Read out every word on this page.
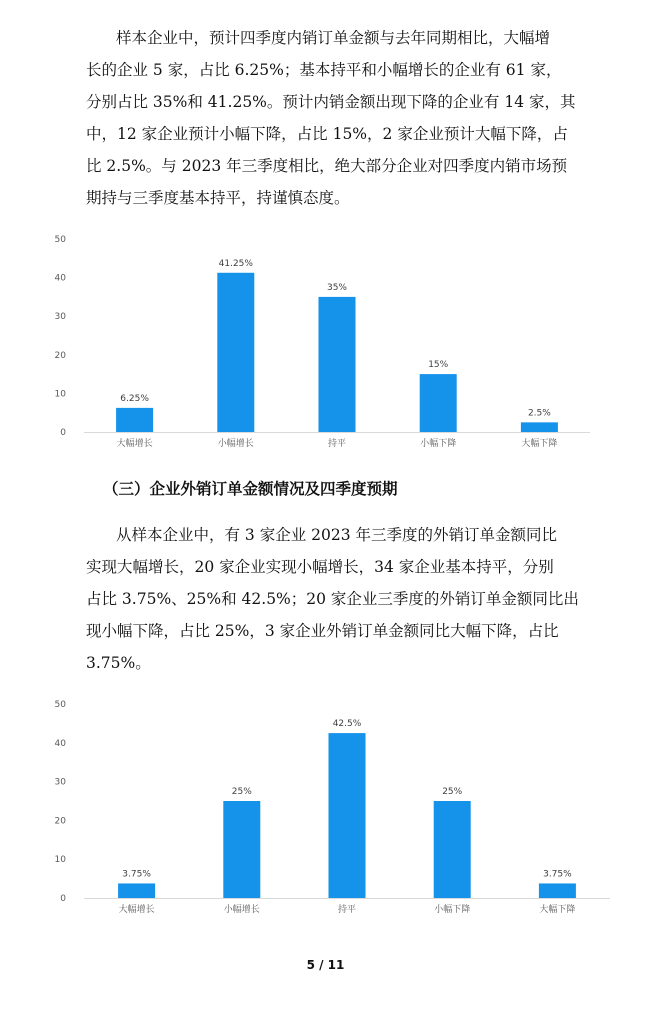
样本企业中，预计四季度内销订单金额与去年同期相比，大幅增
长的企业 5 家，占比 6.25%；基本持平和小幅增长的企业有 61 家，
分别占比 35%和 41.25%。预计内销金额出现下降的企业有 14 家，其
中，12 家企业预计小幅下降，占比 15%，2 家企业预计大幅下降，占
比 2.5%。与 2023 年三季度相比，绝大部分企业对四季度内销市场预
期持与三季度基本持平，持谨慎态度。
0
10
20
30
40
50
6.25%
大幅增长
41.25%
小幅增长
35%
持平
15%
小幅下降
2.5%
大幅下降

（三）企业外销订单金额情况及四季度预期

从样本企业中，有 3 家企业 2023 年三季度的外销订单金额同比
实现大幅增长，20 家企业实现小幅增长，34 家企业基本持平，分别
占比 3.75%、25%和 42.5%；20 家企业三季度的外销订单金额同比出
现小幅下降，占比 25%，3 家企业外销订单金额同比大幅下降，占比
3.75%。
0
10
20
30
40
50
3.75%
大幅增长
25%
小幅增长
42.5%
持平
25%
小幅下降
3.75%
大幅下降
5 / 11
